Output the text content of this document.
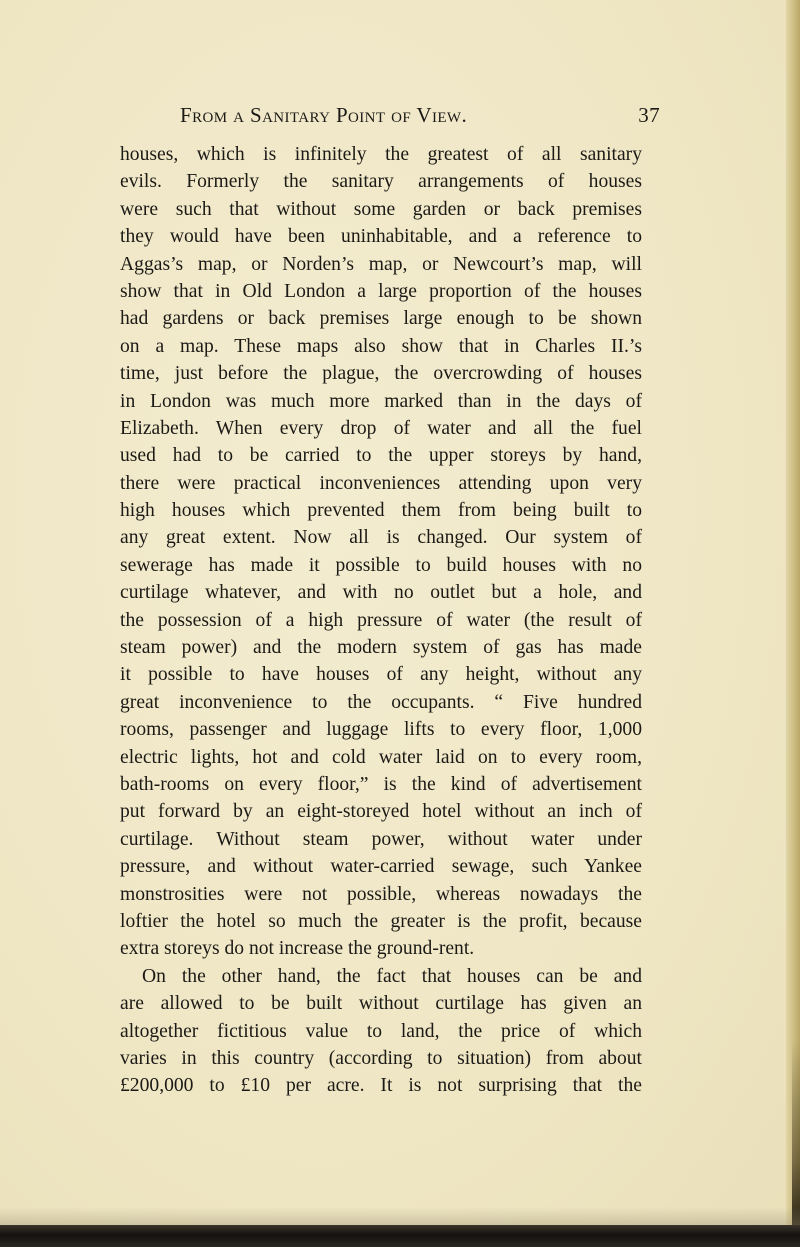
From a Sanitary Point of View.	37
houses, which is infinitely the greatest of all sanitary
evils. Formerly the sanitary arrangements of houses
were such that without some garden or back premises
they would have been uninhabitable, and a reference to
Aggas’s map, or Norden’s map, or Newcourt’s map, will
show that in Old London a large proportion of the houses
had gardens or back premises large enough to be shown
on a map. These maps also show that in Charles II.’s
time, just before the plague, the overcrowding of houses
in London was much more marked than in the days of
Elizabeth. When every drop of water and all the fuel
used had to be carried to the upper storeys by hand,
there were practical inconveniences attending upon very
high houses which prevented them from being built to
any great extent. Now all is changed. Our system of
sewerage has made it possible to build houses with no
curtilage whatever, and with no outlet but a hole, and
the possession of a high pressure of water (the result of
steam power) and the modern system of gas has made
it possible to have houses of any height, without any
great inconvenience to the occupants. “ Five hundred
rooms, passenger and luggage lifts to every floor, 1,000
electric lights, hot and cold water laid on to every room,
bath-rooms on every floor,” is the kind of advertisement
put forward by an eight-storeyed hotel without an inch of
curtilage. Without steam power, without water under
pressure, and without water-carried sewage, such Yankee
monstrosities were not possible, whereas nowadays the
loftier the hotel so much the greater is the profit, because
extra storeys do not increase the ground-rent.
On the other hand, the fact that houses can be and
are allowed to be built without curtilage has given an
altogether fictitious value to land, the price of which
varies in this country (according to situation) from about
£200,000 to £10 per acre. It is not surprising that the
